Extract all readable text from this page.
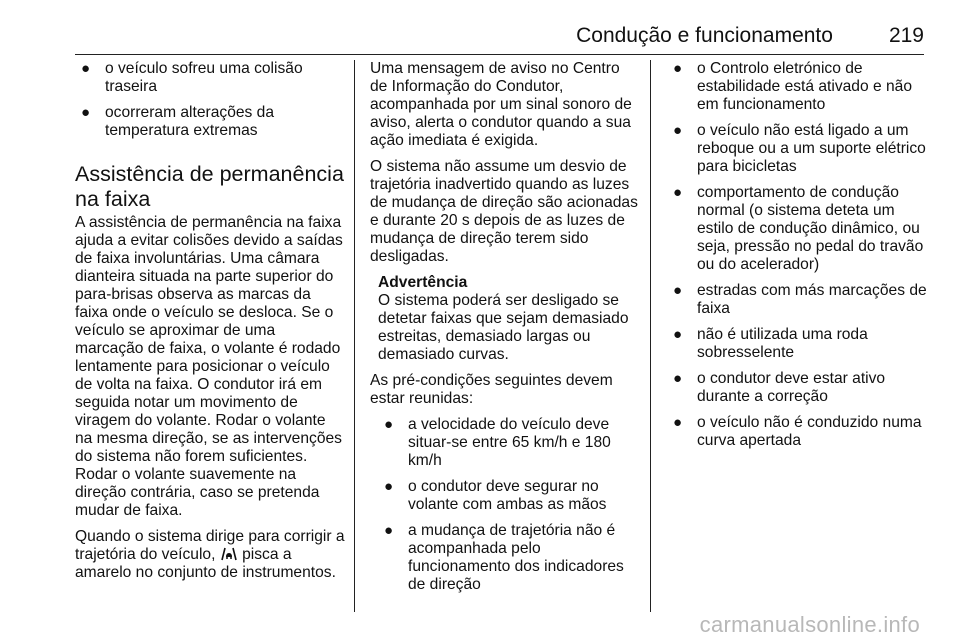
Condução e funcionamento	219
● o veículo sofreu uma colisão traseira
● ocorreram alterações da temperatura extremas
Assistência de permanência na faixa

A assistência de permanência na faixa ajuda a evitar colisões devido a saídas de faixa involuntárias. Uma câmara dianteira situada na parte superior do para-brisas observa as marcas da faixa onde o veículo se desloca. Se o veículo se aproximar de uma marcação de faixa, o volante é rodado lentamente para posicionar o veículo de volta na faixa. O condutor irá em seguida notar um movimento de viragem do volante. Rodar o volante na mesma direção, se as intervenções do sistema não forem suficientes. Rodar o volante suavemente na direção contrária, caso se pretenda mudar de faixa.

Quando o sistema dirige para corrigir a trajetória do veículo, pisca a amarelo no conjunto de instrumentos.

Uma mensagem de aviso no Centro de Informação do Condutor, acompanhada por um sinal sonoro de aviso, alerta o condutor quando a sua ação imediata é exigida.

O sistema não assume um desvio de trajetória inadvertido quando as luzes de mudança de direção são acionadas e durante 20 s depois de as luzes de mudança de direção terem sido desligadas.

Advertência
O sistema poderá ser desligado se detetar faixas que sejam demasiado estreitas, demasiado largas ou demasiado curvas.

As pré-condições seguintes devem estar reunidas:

● a velocidade do veículo deve situar-se entre 65 km/h e 180 km/h
● o condutor deve segurar no volante com ambas as mãos
● a mudança de trajetória não é acompanhada pelo funcionamento dos indicadores de direção
● o Controlo eletrónico de estabilidade está ativado e não em funcionamento
● o veículo não está ligado a um reboque ou a um suporte elétrico para bicicletas
● comportamento de condução normal (o sistema deteta um estilo de condução dinâmico, ou seja, pressão no pedal do travão ou do acelerador)
● estradas com más marcações de faixa
● não é utilizada uma roda sobresselente
● o condutor deve estar ativo durante a correção
● o veículo não é conduzido numa curva apertada
carmanualsonline.info
